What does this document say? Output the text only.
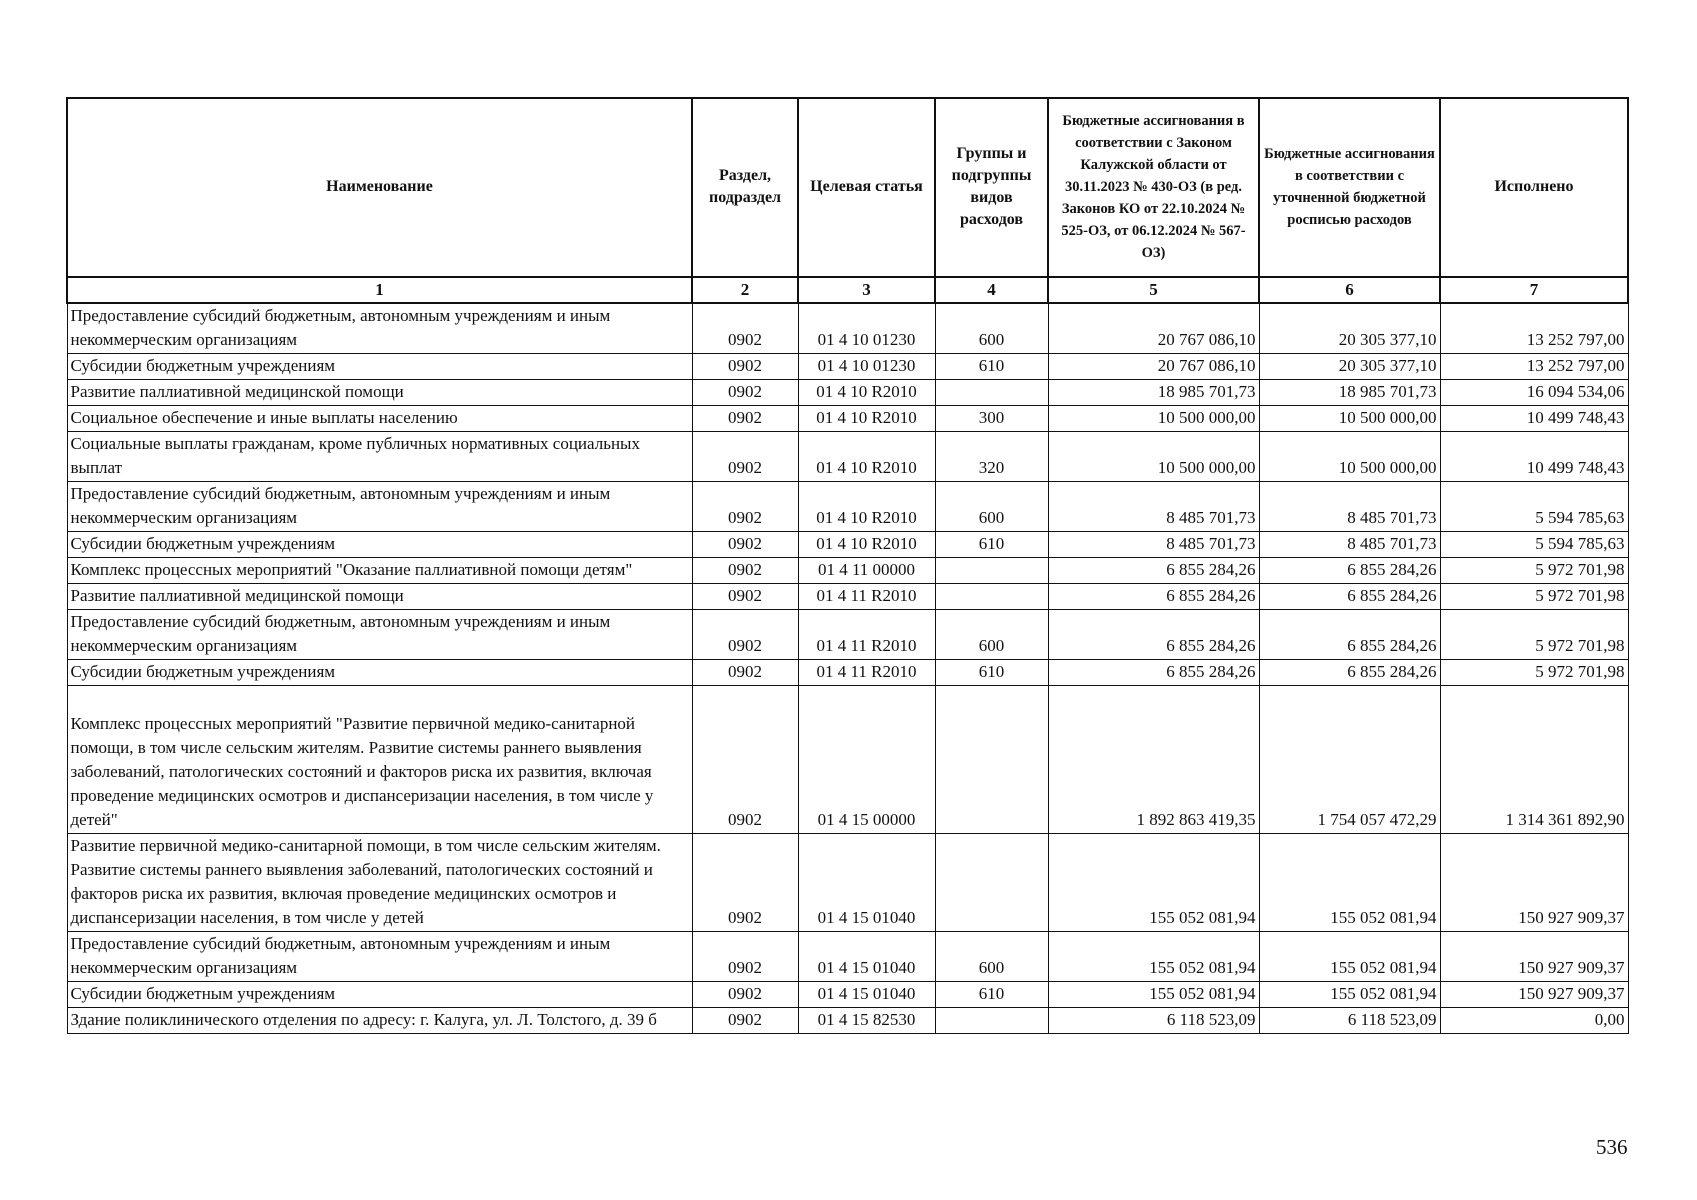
Наименование	Раздел, подраздел	Целевая статья	Группы и подгруппы видов расходов	Бюджетные ассигнования в соответствии с Законом Калужской области от 30.11.2023 № 430-ОЗ (в ред. Законов КО от 22.10.2024 № 525-ОЗ, от 06.12.2024 № 567-ОЗ)	Бюджетные ассигнования в соответствии с уточненной бюджетной росписью расходов	Исполнено
1	2	3	4	5	6	7
Предоставление субсидий бюджетным, автономным учреждениям и иным некоммерческим организациям	0902	01 4 10 01230	600	20 767 086,10	20 305 377,10	13 252 797,00
Субсидии бюджетным учреждениям	0902	01 4 10 01230	610	20 767 086,10	20 305 377,10	13 252 797,00
Развитие паллиативной медицинской помощи	0902	01 4 10 R2010		18 985 701,73	18 985 701,73	16 094 534,06
Социальное обеспечение и иные выплаты населению	0902	01 4 10 R2010	300	10 500 000,00	10 500 000,00	10 499 748,43
Социальные выплаты гражданам, кроме публичных нормативных социальных выплат	0902	01 4 10 R2010	320	10 500 000,00	10 500 000,00	10 499 748,43
Предоставление субсидий бюджетным, автономным учреждениям и иным некоммерческим организациям	0902	01 4 10 R2010	600	8 485 701,73	8 485 701,73	5 594 785,63
Субсидии бюджетным учреждениям	0902	01 4 10 R2010	610	8 485 701,73	8 485 701,73	5 594 785,63
Комплекс процессных мероприятий "Оказание паллиативной помощи детям"	0902	01 4 11 00000		6 855 284,26	6 855 284,26	5 972 701,98
Развитие паллиативной медицинской помощи	0902	01 4 11 R2010		6 855 284,26	6 855 284,26	5 972 701,98
Предоставление субсидий бюджетным, автономным учреждениям и иным некоммерческим организациям	0902	01 4 11 R2010	600	6 855 284,26	6 855 284,26	5 972 701,98
Субсидии бюджетным учреждениям	0902	01 4 11 R2010	610	6 855 284,26	6 855 284,26	5 972 701,98
Комплекс процессных мероприятий "Развитие первичной медико-санитарной помощи, в том числе сельским жителям. Развитие системы раннего выявления заболеваний, патологических состояний и факторов риска их развития, включая проведение медицинских осмотров и диспансеризации населения, в том числе у детей"	0902	01 4 15 00000		1 892 863 419,35	1 754 057 472,29	1 314 361 892,90
Развитие первичной медико-санитарной помощи, в том числе сельским жителям. Развитие системы раннего выявления заболеваний, патологических состояний и факторов риска их развития, включая проведение медицинских осмотров и диспансеризации населения, в том числе у детей	0902	01 4 15 01040		155 052 081,94	155 052 081,94	150 927 909,37
Предоставление субсидий бюджетным, автономным учреждениям и иным некоммерческим организациям	0902	01 4 15 01040	600	155 052 081,94	155 052 081,94	150 927 909,37
Субсидии бюджетным учреждениям	0902	01 4 15 01040	610	155 052 081,94	155 052 081,94	150 927 909,37
Здание поликлинического отделения по адресу: г. Калуга, ул. Л. Толстого, д. 39 б	0902	01 4 15 82530		6 118 523,09	6 118 523,09	0,00
536
